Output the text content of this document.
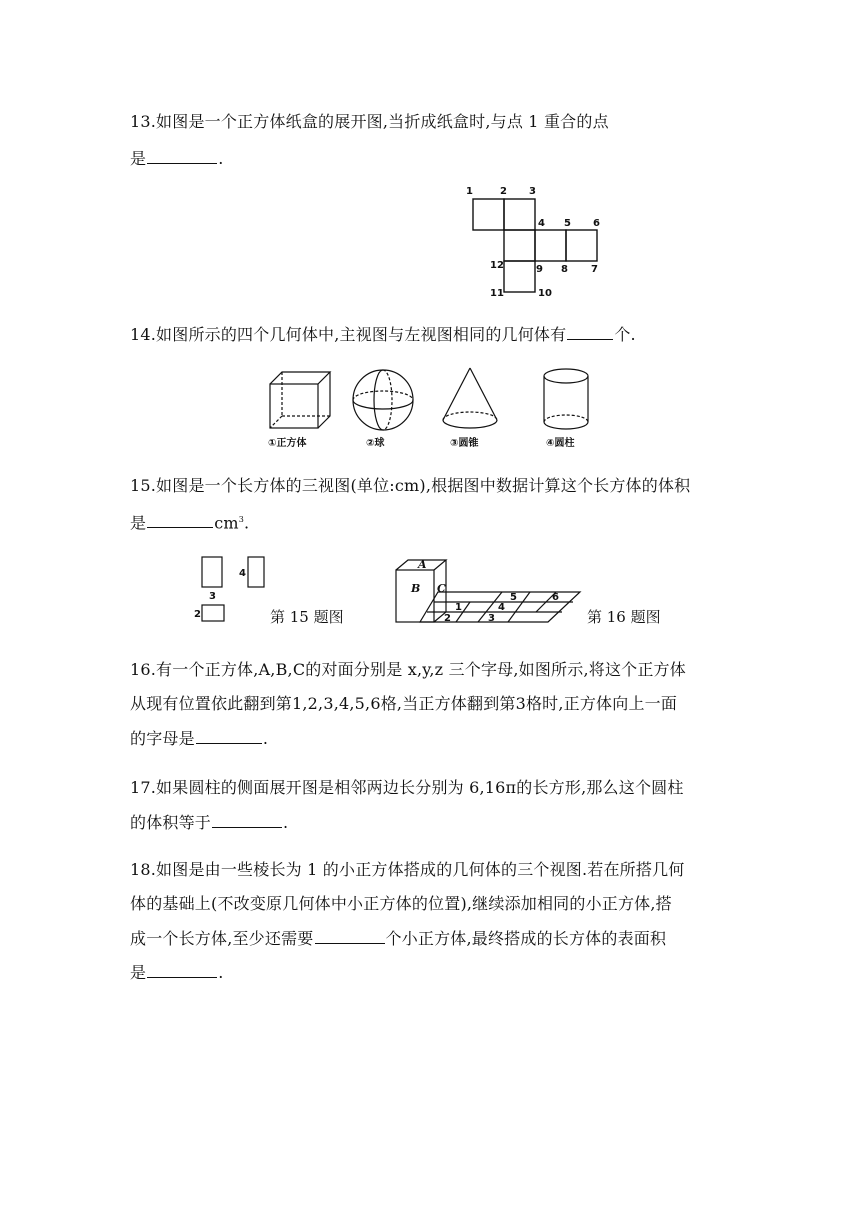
13.如图是一个正方体纸盒的展开图,当折成纸盒时,与点 1 重合的点
是	.
1	2 3
4 5 6
12	9 8 7
11	10
14.如图所示的四个几何体中,主视图与左视图相同的几何体有	个.
①正方体	②球	③圆锥	④圆柱
15.如图是一个长方体的三视图(单位:cm),根据图中数据计算这个长方体的体积
是	$cm^3$.
3
4
2	第 15 题图
A
B C
1
2	3
4
5	6
第 16 题图
16.有一个正方体,A,B,C的对面分别是 x,y,z 三个字母,如图所示,将这个正方体
从现有位置依此翻到第1,2,3,4,5,6格,当正方体翻到第3格时,正方体向上一面
的字母是	.
17.如果圆柱的侧面展开图是相邻两边长分别为 6,16π的长方形,那么这个圆柱
的体积等于	.
18.如图是由一些棱长为 1 的小正方体搭成的几何体的三个视图.若在所搭几何
体的基础上(不改变原几何体中小正方体的位置),继续添加相同的小正方体,搭
成一个长方体,至少还需要	个小正方体,最终搭成的长方体的表面积
是	.
